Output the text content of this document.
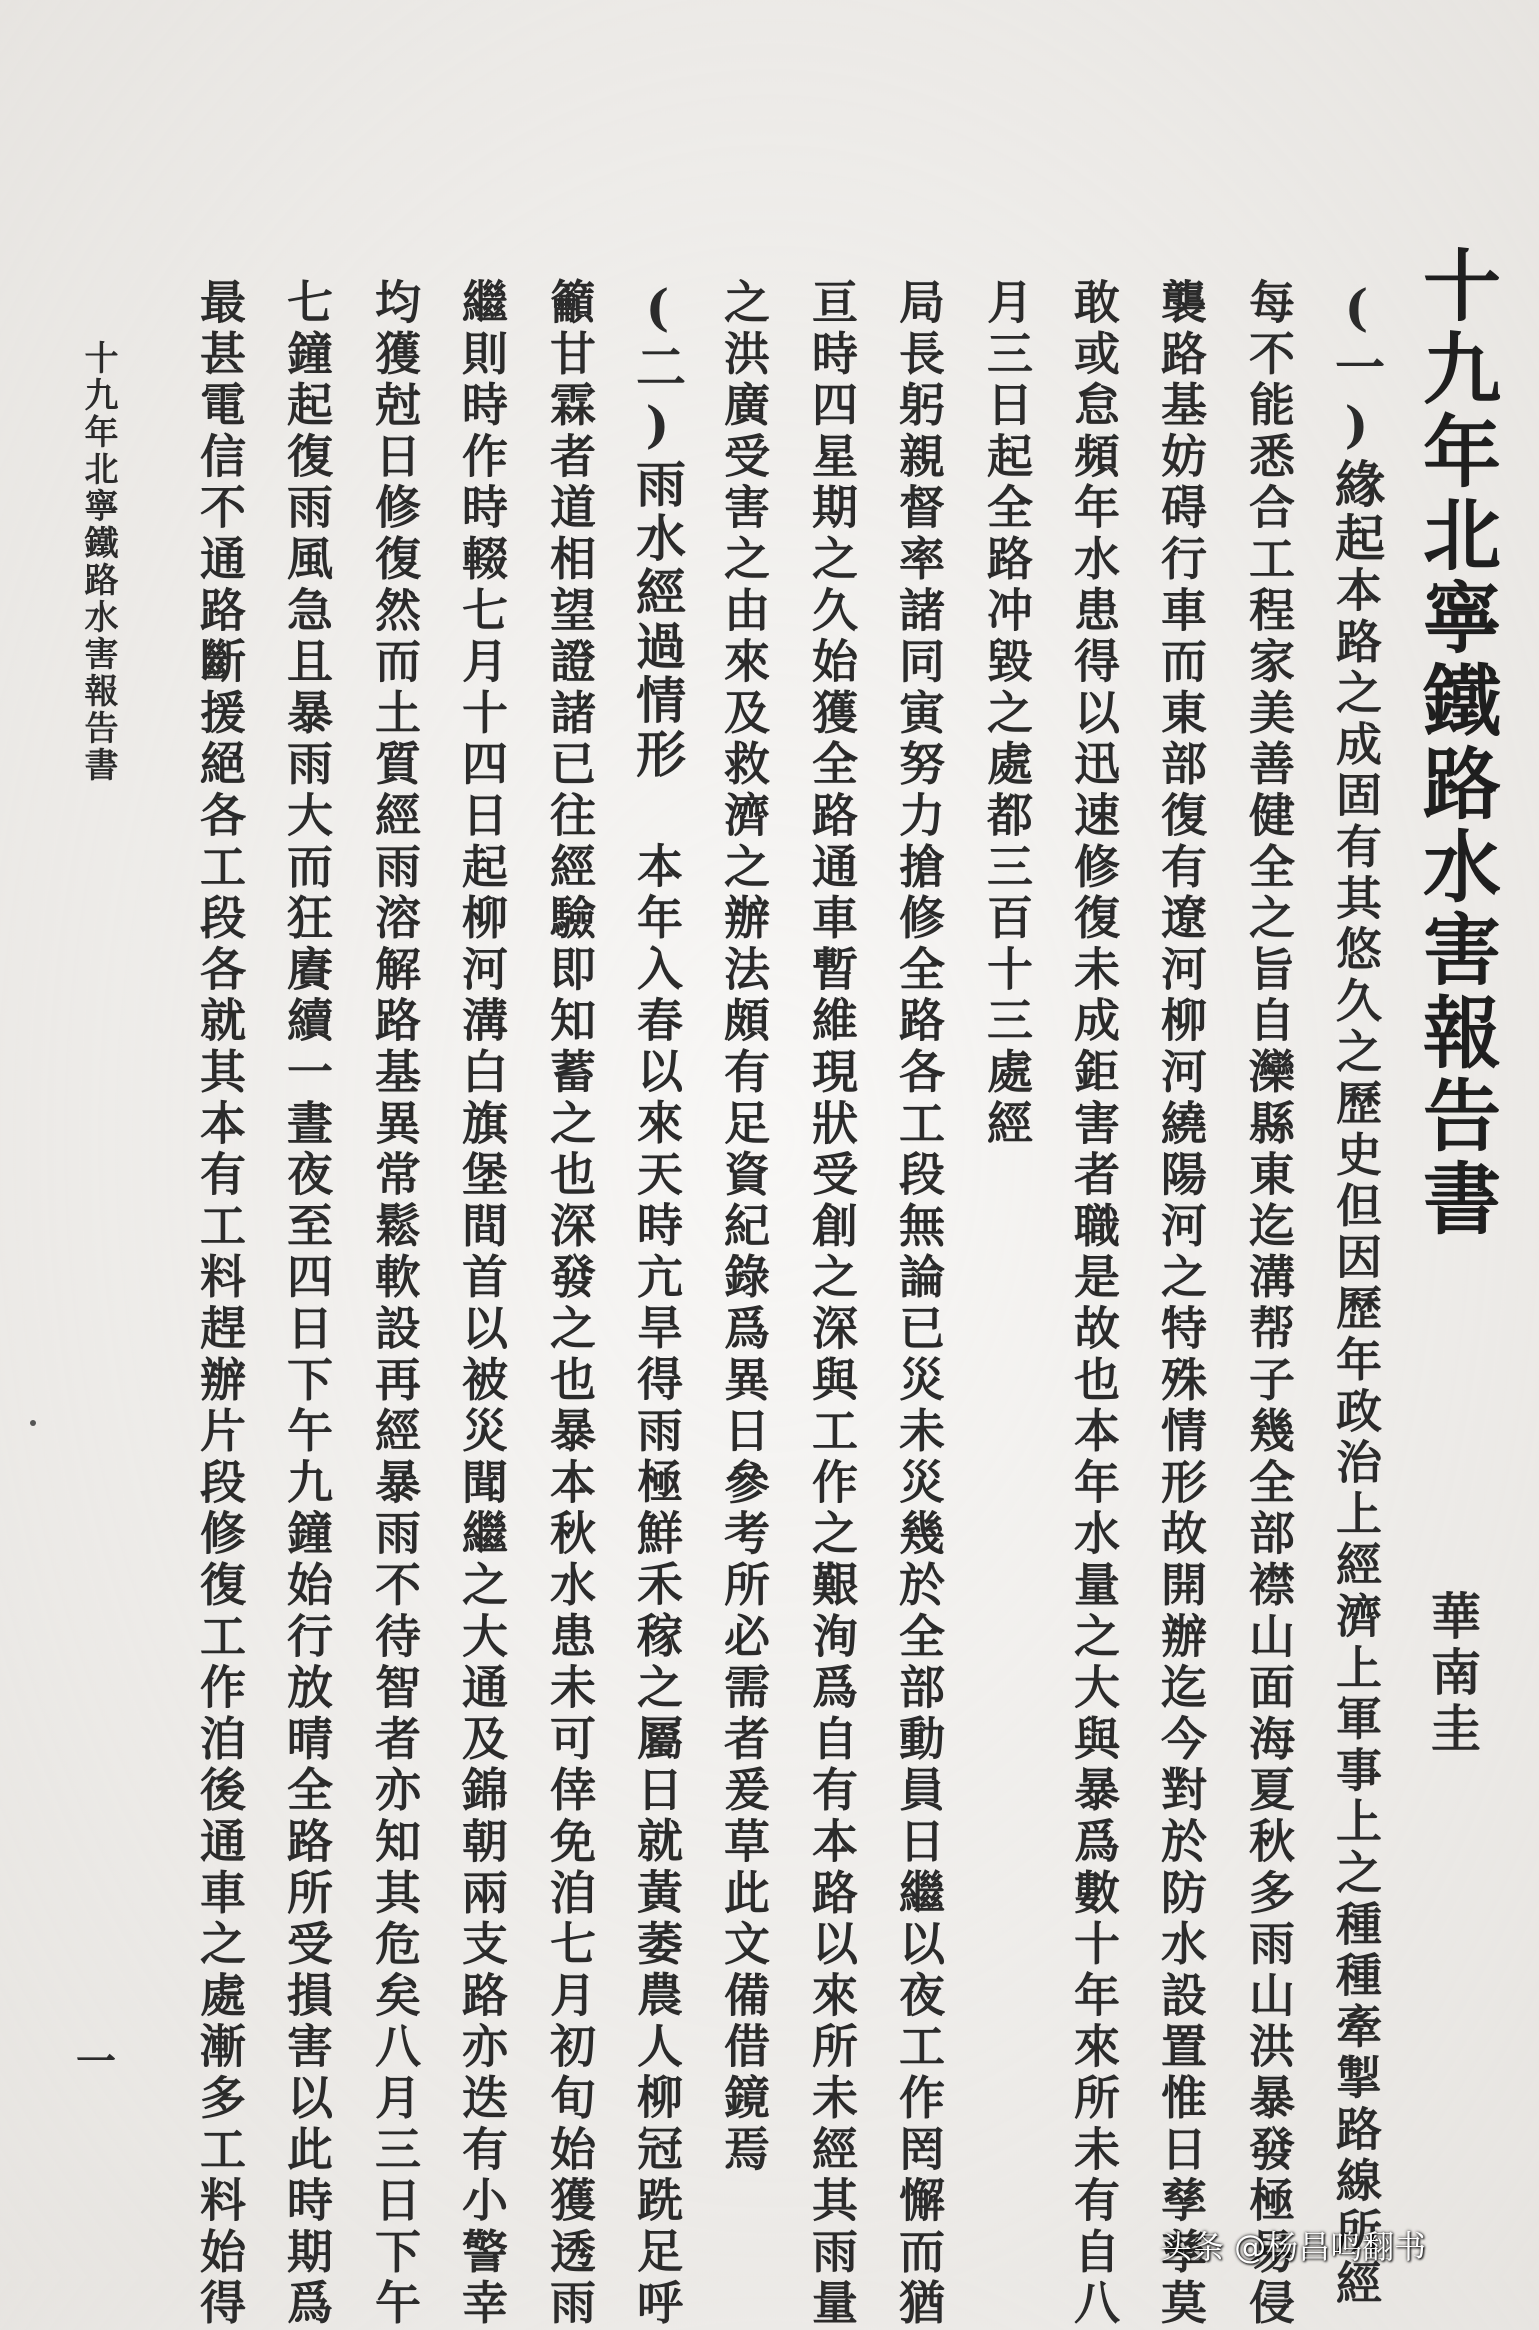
十九年北寧鐵路水害報告書
華南圭
(一)緣起本路之成固有其悠久之歷史但因歷年政治上經濟上軍事上之種種牽掣路線所經
每不能悉合工程家美善健全之旨自灤縣東迄溝帮子幾全部襟山面海夏秋多雨山洪暴發極易侵
襲路基妨碍行車而東部復有遼河柳河繞陽河之特殊情形故開辦迄今對於防水設置惟日孳孳莫
敢或怠頻年水患得以迅速修復未成鉅害者職是故也本年水量之大與暴爲數十年來所未有自八
月三日起全路冲毀之處都三百十三處經
局長躬親督率諸同寅努力搶修全路各工段無論已災未災幾於全部動員日繼以夜工作罔懈而猶
亘時四星期之久始獲全路通車暫維現狀受創之深與工作之艱洵爲自有本路以來所未經其雨量
之洪廣受害之由來及救濟之辦法頗有足資紀錄爲異日參考所必需者爰草此文備借鏡焉
(二)雨水經過情形本年入春以來天時亢旱得雨極鮮禾稼之屬日就黃萎農人柳冠跣足呼
籲甘霖者道相望證諸已往經驗即知蓄之也深發之也暴本秋水患未可倖免洎七月初旬始獲透雨
繼則時作時輟七月十四日起柳河溝白旗堡間首以被災聞繼之大通及錦朝兩支路亦迭有小警幸
均獲尅日修復然而土質經雨溶解路基異常鬆軟設再經暴雨不待智者亦知其危矣八月三日下午
七鐘起復雨風急且暴雨大而狂賡續一晝夜至四日下午九鐘始行放晴全路所受損害以此時期爲
最甚電信不通路斷援絕各工段各就其本有工料趕辦片段修復工作洎後通車之處漸多工料始得
十九年北寧鐵路水害報告書
一
头条 @杨昌鸣翻书
